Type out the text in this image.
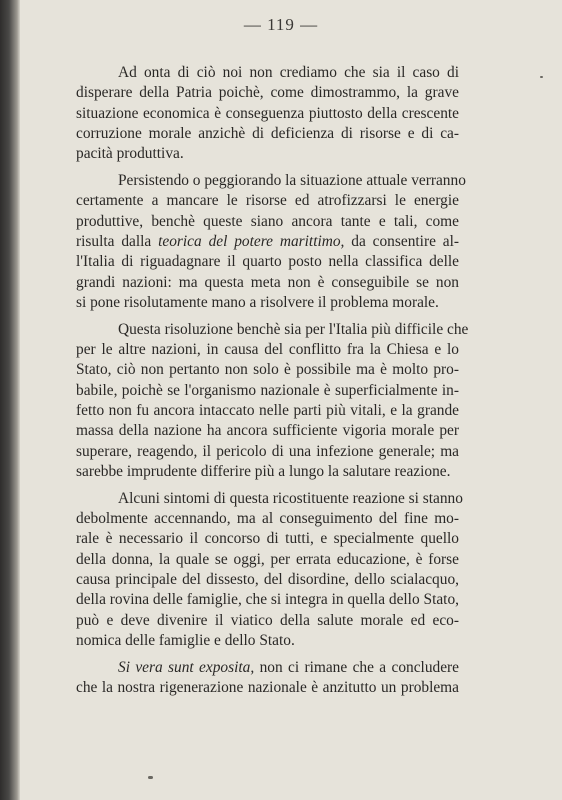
— 119 —
Ad onta di ciò noi non crediamo che sia il caso di
disperare della Patria poichè, come dimostrammo, la grave
situazione economica è conseguenza piuttosto della crescente
corruzione morale anzichè di deficienza di risorse e di ca-
pacità produttiva.
Persistendo o peggiorando la situazione attuale verranno
certamente a mancare le risorse ed atrofizzarsi le energie
produttive, benchè queste siano ancora tante e tali, come
risulta dalla teorica del potere marittimo, da consentire al-
l'Italia di riguadagnare il quarto posto nella classifica delle
grandi nazioni: ma questa meta non è conseguibile se non
si pone risolutamente mano a risolvere il problema morale.
Questa risoluzione benchè sia per l'Italia più difficile che
per le altre nazioni, in causa del conflitto fra la Chiesa e lo
Stato, ciò non pertanto non solo è possibile ma è molto pro-
babile, poichè se l'organismo nazionale è superficialmente in-
fetto non fu ancora intaccato nelle parti più vitali, e la grande
massa della nazione ha ancora sufficiente vigoria morale per
superare, reagendo, il pericolo di una infezione generale; ma
sarebbe imprudente differire più a lungo la salutare reazione.
Alcuni sintomi di questa ricostituente reazione si stanno
debolmente accennando, ma al conseguimento del fine mo-
rale è necessario il concorso di tutti, e specialmente quello
della donna, la quale se oggi, per errata educazione, è forse
causa principale del dissesto, del disordine, dello scialacquo,
della rovina delle famiglie, che si integra in quella dello Stato,
può e deve divenire il viatico della salute morale ed eco-
nomica delle famiglie e dello Stato.
Si vera sunt exposita, non ci rimane che a concludere
che la nostra rigenerazione nazionale è anzitutto un problema
